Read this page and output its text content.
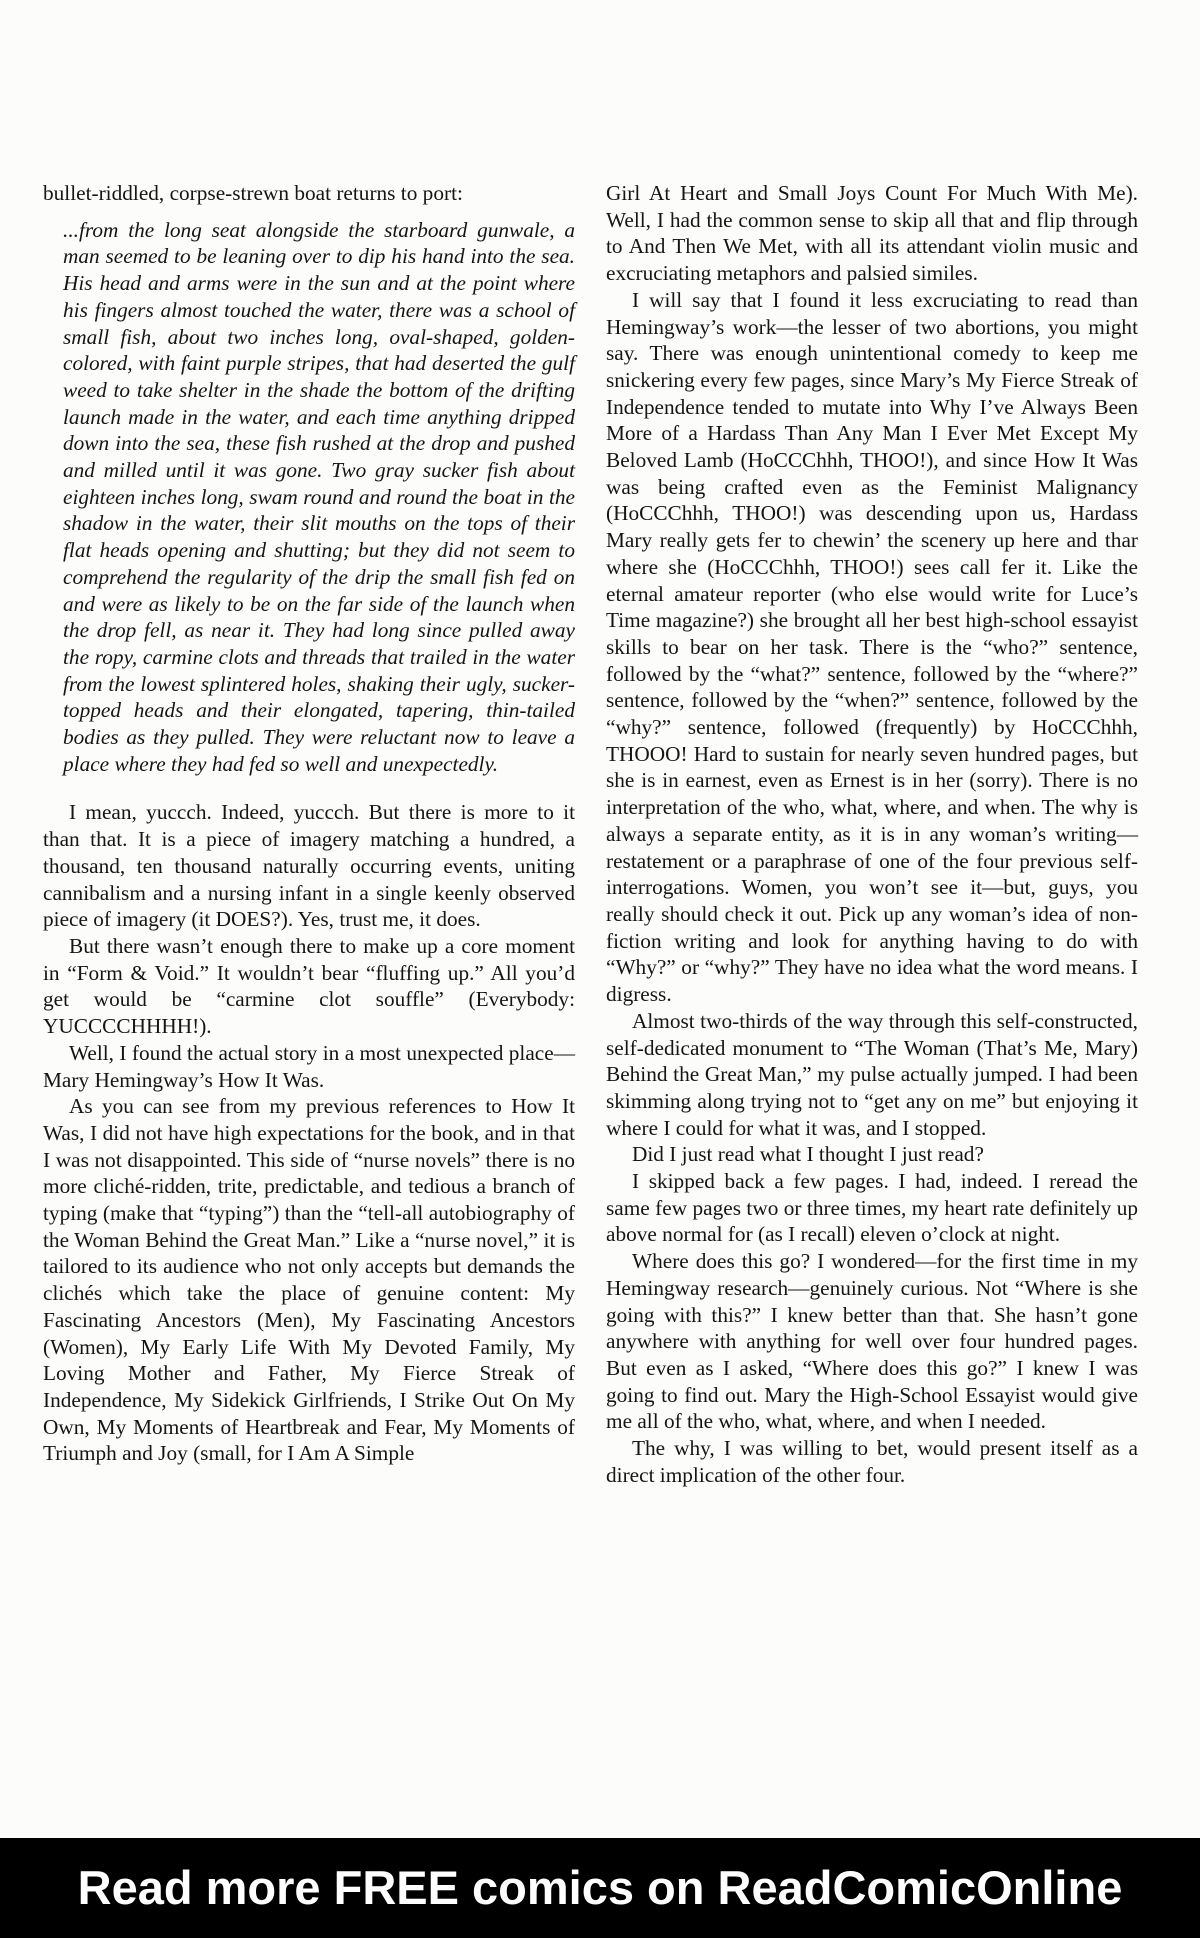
bullet-riddled, corpse-strewn boat returns to port:

...from the long seat alongside the starboard gunwale, a man seemed to be leaning over to dip his hand into the sea. His head and arms were in the sun and at the point where his fingers almost touched the water, there was a school of small fish, about two inches long, oval-shaped, golden-colored, with faint purple stripes, that had deserted the gulf weed to take shelter in the shade the bottom of the drifting launch made in the water, and each time anything dripped down into the sea, these fish rushed at the drop and pushed and milled until it was gone. Two gray sucker fish about eighteen inches long, swam round and round the boat in the shadow in the water, their slit mouths on the tops of their flat heads opening and shutting; but they did not seem to comprehend the regularity of the drip the small fish fed on and were as likely to be on the far side of the launch when the drop fell, as near it. They had long since pulled away the ropy, carmine clots and threads that trailed in the water from the lowest splintered holes, shaking their ugly, sucker-topped heads and their elongated, tapering, thin-tailed bodies as they pulled. They were reluctant now to leave a place where they had fed so well and unexpectedly.

I mean, yuccch. Indeed, yuccch. But there is more to it than that. It is a piece of imagery matching a hundred, a thousand, ten thousand naturally occurring events, uniting cannibalism and a nursing infant in a single keenly observed piece of imagery (it DOES?). Yes, trust me, it does.

But there wasn’t enough there to make up a core moment in “Form & Void.” It wouldn’t bear “fluffing up.” All you’d get would be “carmine clot souffle” (Everybody: YUCCCCHHHH!).

Well, I found the actual story in a most unexpected place—Mary Hemingway’s How It Was.

As you can see from my previous references to How It Was, I did not have high expectations for the book, and in that I was not disappointed. This side of “nurse novels” there is no more cliché-ridden, trite, predictable, and tedious a branch of typing (make that “typing”) than the “tell-all autobiography of the Woman Behind the Great Man.” Like a “nurse novel,” it is tailored to its audience who not only accepts but demands the clichés which take the place of genuine content: My Fascinating Ancestors (Men), My Fascinating Ancestors (Women), My Early Life With My Devoted Family, My Loving Mother and Father, My Fierce Streak of Independence, My Sidekick Girlfriends, I Strike Out On My Own, My Moments of Heartbreak and Fear, My Moments of Triumph and Joy (small, for I Am A Simple

Girl At Heart and Small Joys Count For Much With Me). Well, I had the common sense to skip all that and flip through to And Then We Met, with all its attendant violin music and excruciating metaphors and palsied similes.

I will say that I found it less excruciating to read than Hemingway’s work—the lesser of two abortions, you might say. There was enough unintentional comedy to keep me snickering every few pages, since Mary’s My Fierce Streak of Independence tended to mutate into Why I’ve Always Been More of a Hardass Than Any Man I Ever Met Except My Beloved Lamb (HoCCChhh, THOO!), and since How It Was was being crafted even as the Feminist Malignancy (HoCCChhh, THOO!) was descending upon us, Hardass Mary really gets fer to chewin’ the scenery up here and thar where she (HoCCChhh, THOO!) sees call fer it. Like the eternal amateur reporter (who else would write for Luce’s Time magazine?) she brought all her best high-school essayist skills to bear on her task. There is the “who?” sentence, followed by the “what?” sentence, followed by the “where?” sentence, followed by the “when?” sentence, followed by the “why?” sentence, followed (frequently) by HoCCChhh, THOOO! Hard to sustain for nearly seven hundred pages, but she is in earnest, even as Ernest is in her (sorry). There is no interpretation of the who, what, where, and when. The why is always a separate entity, as it is in any woman’s writing—restatement or a paraphrase of one of the four previous self-interrogations. Women, you won’t see it—but, guys, you really should check it out. Pick up any woman’s idea of non-fiction writing and look for anything having to do with “Why?” or “why?” They have no idea what the word means. I digress.

Almost two-thirds of the way through this self-constructed, self-dedicated monument to “The Woman (That’s Me, Mary) Behind the Great Man,” my pulse actually jumped. I had been skimming along trying not to “get any on me” but enjoying it where I could for what it was, and I stopped.

Did I just read what I thought I just read?

I skipped back a few pages. I had, indeed. I reread the same few pages two or three times, my heart rate definitely up above normal for (as I recall) eleven o’clock at night.

Where does this go? I wondered—for the first time in my Hemingway research—genuinely curious. Not “Where is she going with this?” I knew better than that. She hasn’t gone anywhere with anything for well over four hundred pages. But even as I asked, “Where does this go?” I knew I was going to find out. Mary the High-School Essayist would give me all of the who, what, where, and when I needed.

The why, I was willing to bet, would present itself as a direct implication of the other four.

Read more FREE comics on ReadComicOnline
